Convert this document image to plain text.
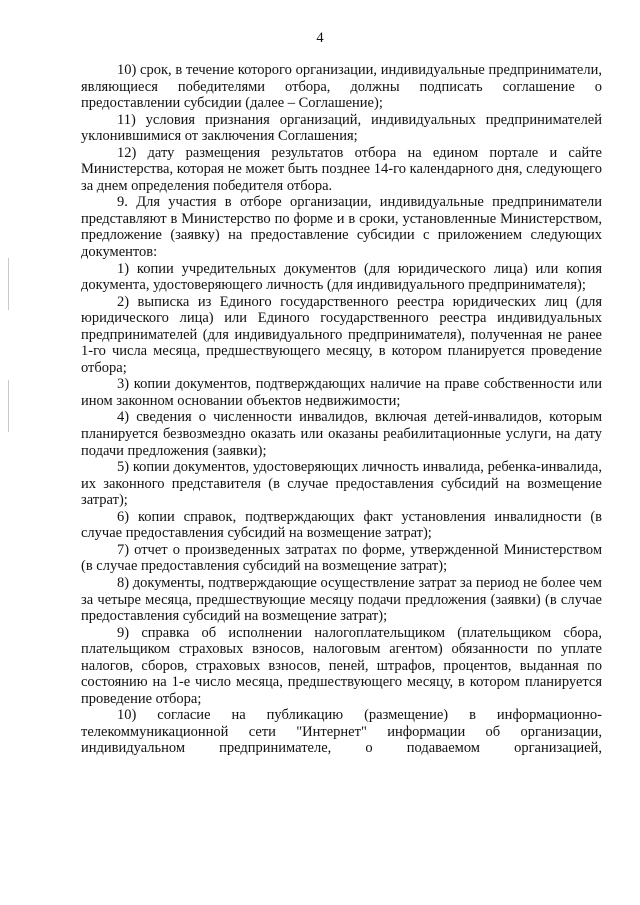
4

10) срок, в течение которого организации, индивидуальные предприниматели, являющиеся победителями отбора, должны подписать соглашение о предоставлении субсидии (далее – Соглашение);

11) условия признания организаций, индивидуальных предпринимателей уклонившимися от заключения Соглашения;

12) дату размещения результатов отбора на едином портале и сайте Министерства, которая не может быть позднее 14-го календарного дня, следующего за днем определения победителя отбора.

9. Для участия в отборе организации, индивидуальные предприниматели представляют в Министерство по форме и в сроки, установленные Министерством, предложение (заявку) на предоставление субсидии с приложением следующих документов:

1) копии учредительных документов (для юридического лица) или копия документа, удостоверяющего личность (для индивидуального предпринимателя);

2) выписка из Единого государственного реестра юридических лиц (для юридического лица) или Единого государственного реестра индивидуальных предпринимателей (для индивидуального предпринимателя), полученная не ранее 1-го числа месяца, предшествующего месяцу, в котором планируется проведение отбора;

3) копии документов, подтверждающих наличие на праве собственности или ином законном основании объектов недвижимости;

4) сведения о численности инвалидов, включая детей-инвалидов, которым планируется безвозмездно оказать или оказаны реабилитационные услуги, на дату подачи предложения (заявки);

5) копии документов, удостоверяющих личность инвалида, ребенка-инвалида, их законного представителя (в случае предоставления субсидий на возмещение затрат);

6) копии справок, подтверждающих факт установления инвалидности (в случае предоставления субсидий на возмещение затрат);

7) отчет о произведенных затратах по форме, утвержденной Министерством (в случае предоставления субсидий на возмещение затрат);

8) документы, подтверждающие осуществление затрат за период не более чем за четыре месяца, предшествующие месяцу подачи предложения (заявки) (в случае предоставления субсидий на возмещение затрат);

9) справка об исполнении налогоплательщиком (плательщиком сбора, плательщиком страховых взносов, налоговым агентом) обязанности по уплате налогов, сборов, страховых взносов, пеней, штрафов, процентов, выданная по состоянию на 1-е число месяца, предшествующего месяцу, в котором планируется проведение отбора;

10) согласие на публикацию (размещение) в информационно-телекоммуникационной сети "Интернет" информации об организации, индивидуальном предпринимателе, о подаваемом организацией,
